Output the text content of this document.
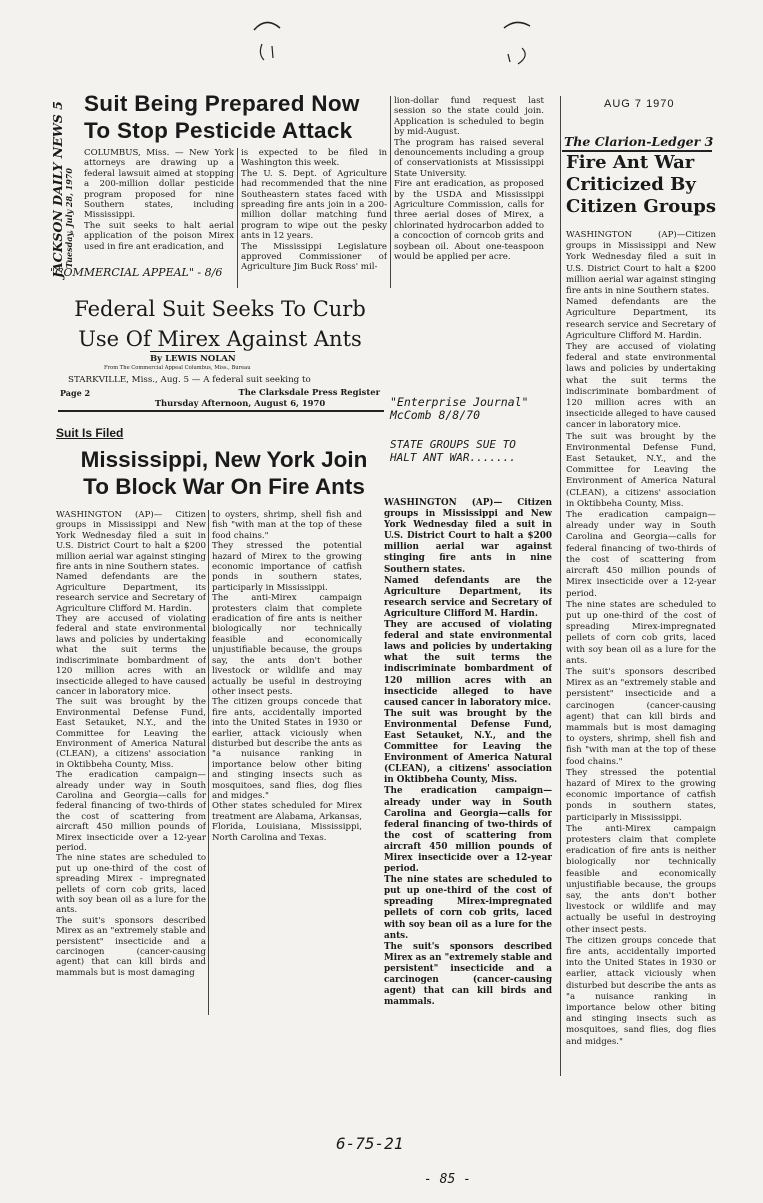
JACKSON DAILY NEWS 5
Tuesday, July 28, 1970
Suit Being Prepared Now
To Stop Pesticide Attack
COLUMBUS, Miss. — New York attorneys are drawing up a federal lawsuit aimed at stopping a 200-million dollar pesticide program proposed for nine Southern states, including Mississippi.
The suit seeks to halt aerial application of the poison Mirex used in fire ant eradication, and
is expected to be filed in Washington this week.
The U. S. Dept. of Agriculture had recommended that the nine Southeastern states faced with spreading fire ants join in a 200-million dollar matching fund program to wipe out the pesky ants in 12 years.
The Mississippi Legislature approved Commissioner of Agriculture Jim Buck Ross' mil-
lion-dollar fund request last session so the state could join. Application is scheduled to begin by mid-August.
The program has raised several denouncements including a group of conservationists at Mississippi State University.
Fire ant eradication, as proposed by the USDA and Mississippi Agriculture Commission, calls for three aerial doses of Mirex, a chlorinated hydrocarbon added to a concoction of corncob grits and soybean oil. About one-teaspoon would be applied per acre.
"COMMERCIAL APPEAL" - 8/6
Federal Suit Seeks To Curb
Use Of Mirex Against Ants
By LEWIS NOLAN
From The Commercial Appeal Columbus, Miss., Bureau
STARKVILLE, Miss., Aug. 5 — A federal suit seeking to
Page 2	The Clarksdale Press Register
Thursday Afternoon, August 6, 1970
Suit Is Filed
Mississippi, New York Join
To Block War On Fire Ants
WASHINGTON (AP)— Citizen groups in Mississippi and New York Wednesday filed a suit in U.S. District Court to halt a $200 million aerial war against stinging fire ants in nine Southern states.
Named defendants are the Agriculture Department, its research service and Secretary of Agriculture Clifford M. Hardin.
They are accused of violating federal and state environmental laws and policies by undertaking what the suit terms the indiscriminate bombardment of 120 million acres with an insecticide alleged to have caused cancer in laboratory mice.
The suit was brought by the Environmental Defense Fund, East Setauket, N.Y., and the Committee for Leaving the Environment of America Natural (CLEAN), a citizens' association in Oktibbeha County, Miss.
The eradication campaign—already under way in South Carolina and Georgia—calls for federal financing of two-thirds of the cost of scattering from aircraft 450 million pounds of Mirex insecticide over a 12-year period.
The nine states are scheduled to put up one-third of the cost of spreading Mirex - impregnated pellets of corn cob grits, laced with soy bean oil as a lure for the ants.
The suit's sponsors described Mirex as an "extremely stable and persistent" insecticide and a carcinogen (cancer-causing agent) that can kill birds and mammals but is most damaging
to oysters, shrimp, shell fish and fish "with man at the top of these food chains."
They stressed the potential hazard of Mirex to the growing economic importance of catfish ponds in southern states, participarly in Mississippi.
The anti-Mirex campaign protesters claim that complete eradication of fire ants is neither biologically nor technically feasible and economically unjustifiable because, the groups say, the ants don't bother livestock or wildlife and may actually be useful in destroying other insect pests.
The citizen groups concede that fire ants, accidentally imported into the United States in 1930 or earlier, attack viciously when disturbed but describe the ants as "a nuisance ranking in importance below other biting and stinging insects such as mosquitoes, sand flies, dog flies and midges."
Other states scheduled for Mirex treatment are Alabama, Arkansas, Florida, Louisiana, Mississippi, North Carolina and Texas.
"Enterprise Journal"
McComb 8/8/70
STATE GROUPS SUE TO
HALT ANT WAR.......
WASHINGTON (AP)— Citizen groups in Mississippi and New York Wednesday filed a suit in U.S. District Court to halt a $200 million aerial war against stinging fire ants in nine Southern states.
Named defendants are the Agriculture Department, its research service and Secretary of Agriculture Clifford M. Hardin.
They are accused of violating federal and state environmental laws and policies by undertaking what the suit terms the indiscriminate bombardment of 120 million acres with an insecticide alleged to have caused cancer in laboratory mice.
The suit was brought by the Environmental Defense Fund, East Setauket, N.Y., and the Committee for Leaving the Environment of America Natural (CLEAN), a citizens' association in Oktibbeha County, Miss.
The eradication campaign—already under way in South Carolina and Georgia—calls for federal financing of two-thirds of the cost of scattering from aircraft 450 million pounds of Mirex insecticide over a 12-year period.
The nine states are scheduled to put up one-third of the cost of spreading Mirex-impregnated pellets of corn cob grits, laced with soy bean oil as a lure for the ants.
The suit's sponsors described Mirex as an "extremely stable and persistent" insecticide and a carcinogen (cancer-causing agent) that can kill birds and mammals.
AUG 7 1970
The Clarion-Ledger 3
Fire Ant War
Criticized By
Citizen Groups
WASHINGTON (AP)—Citizen groups in Mississippi and New York Wednesday filed a suit in U.S. District Court to halt a $200 million aerial war against stinging fire ants in nine Southern states.
Named defendants are the Agriculture Department, its research service and Secretary of Agriculture Clifford M. Hardin.
They are accused of violating federal and state environmental laws and policies by undertaking what the suit terms the indiscriminate bombardment of 120 million acres with an insecticide alleged to have caused cancer in laboratory mice.
The suit was brought by the Environmental Defense Fund, East Setauket, N.Y., and the Committee for Leaving the Environment of America Natural (CLEAN), a citizens' association in Oktibbeha County, Miss.
The eradication campaign—already under way in South Carolina and Georgia—calls for federal financing of two-thirds of the cost of scattering from aircraft 450 million pounds of Mirex insecticide over a 12-year period.
The nine states are scheduled to put up one-third of the cost of spreading Mirex-impregnated pellets of corn cob grits, laced with soy bean oil as a lure for the ants.
The suit's sponsors described Mirex as an "extremely stable and persistent" insecticide and a carcinogen (cancer-causing agent) that can kill birds and mammals but is most damaging to oysters, shrimp, shell fish and fish "with man at the top of these food chains."
They stressed the potential hazard of Mirex to the growing economic importance of catfish ponds in southern states, participarly in Mississippi.
The anti-Mirex campaign protesters claim that complete eradication of fire ants is neither biologically nor technically feasible and economically unjustifiable because, the groups say, the ants don't bother livestock or wildlife and may actually be useful in destroying other insect pests.
The citizen groups concede that fire ants, accidentally imported into the United States in 1930 or earlier, attack viciously when disturbed but describe the ants as "a nuisance ranking in importance below other biting and stinging insects such as mosquitoes, sand flies, dog flies and midges."
6-75-21
- 85 -
